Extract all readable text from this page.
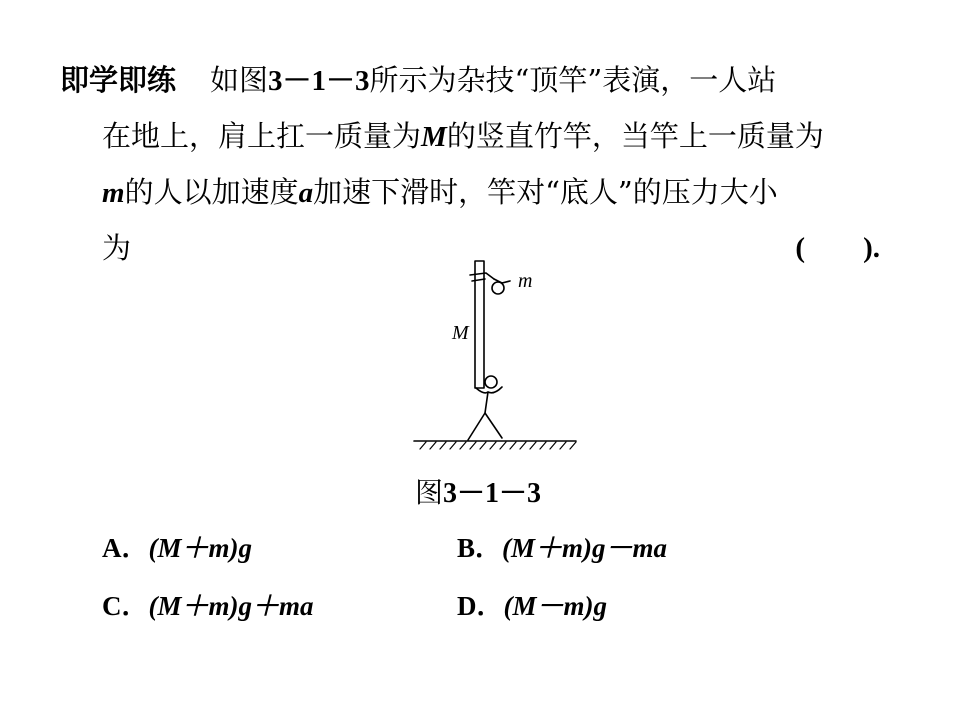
即学即练 如图3－1－3所示为杂技“顶竿”表演，一人站
在地上，肩上扛一质量为M的竖直竹竿，当竿上一质量为
m的人以加速度a加速下滑时，竿对“底人”的压力大小
为	(　　).
m
M
图3－1－3
A．(M＋m)g	B．(M＋m)g－ma
C．(M＋m)g＋ma	D．(M－m)g
